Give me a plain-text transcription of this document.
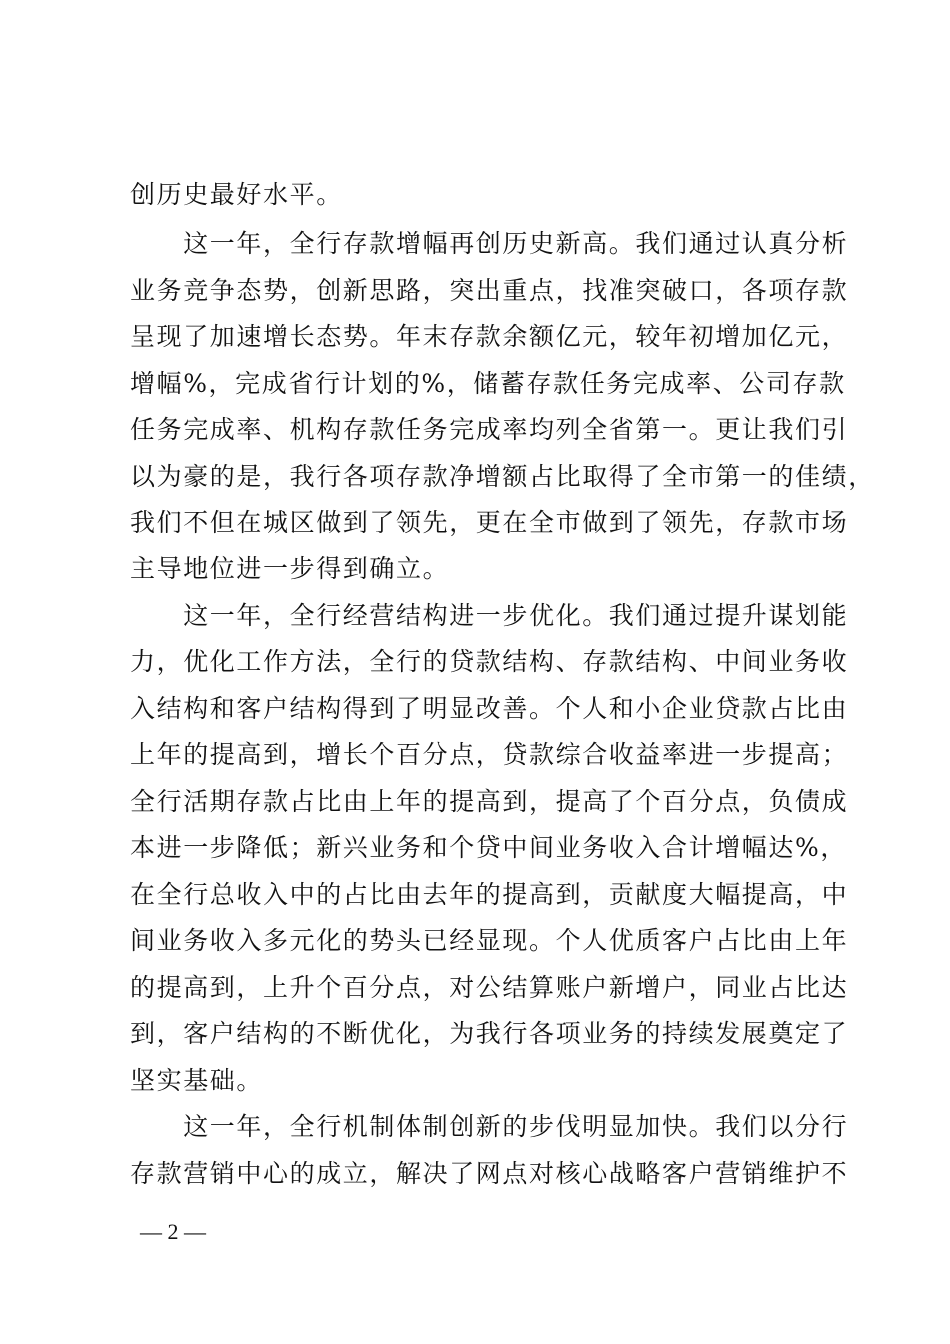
创历史最好水平。
　　这一年，全行存款增幅再创历史新高。我们通过认真分析
业务竞争态势，创新思路，突出重点，找准突破口，各项存款
呈现了加速增长态势。年末存款余额亿元，较年初增加亿元，
增幅%，完成省行计划的%，储蓄存款任务完成率、公司存款
任务完成率、机构存款任务完成率均列全省第一。更让我们引
以为豪的是，我行各项存款净增额占比取得了全市第一的佳绩，
我们不但在城区做到了领先，更在全市做到了领先，存款市场
主导地位进一步得到确立。
　　这一年，全行经营结构进一步优化。我们通过提升谋划能
力，优化工作方法，全行的贷款结构、存款结构、中间业务收
入结构和客户结构得到了明显改善。个人和小企业贷款占比由
上年的提高到，增长个百分点，贷款综合收益率进一步提高；
全行活期存款占比由上年的提高到，提高了个百分点，负债成
本进一步降低；新兴业务和个贷中间业务收入合计增幅达%，
在全行总收入中的占比由去年的提高到，贡献度大幅提高，中
间业务收入多元化的势头已经显现。个人优质客户占比由上年
的提高到，上升个百分点，对公结算账户新增户，同业占比达
到，客户结构的不断优化，为我行各项业务的持续发展奠定了
坚实基础。
　　这一年，全行机制体制创新的步伐明显加快。我们以分行
存款营销中心的成立，解决了网点对核心战略客户营销维护不
— 2 —
